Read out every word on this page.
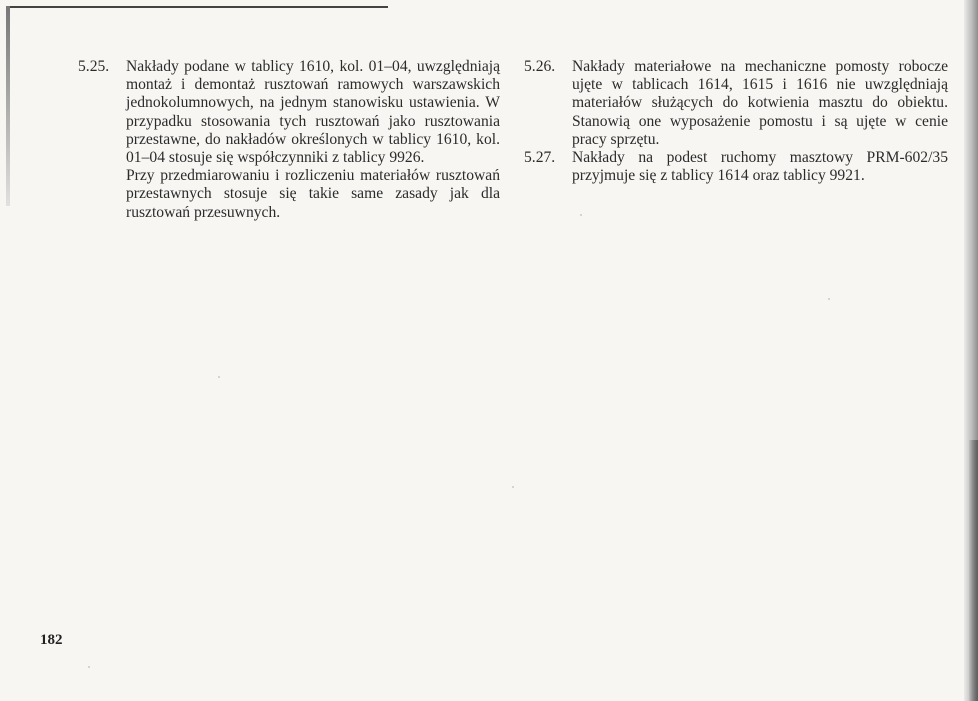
5.25.	Nakłady podane w tablicy 1610, kol. 01–04, uwzględniają montaż i demontaż rusztowań ramowych warszawskich jednokolumnowych, na jednym stanowisku ustawienia. W przypadku stosowania tych rusztowań jako rusztowania przestawne, do nakładów określonych w tablicy 1610, kol. 01–04 stosuje się współczynniki z tablicy 9926.

Przy przedmiarowaniu i rozliczeniu materiałów rusztowań przestawnych stosuje się takie same zasady jak dla rusztowań przesuwnych.

5.26.	Nakłady materiałowe na mechaniczne pomosty robocze ujęte w tablicach 1614, 1615 i 1616 nie uwzględniają materiałów służących do kotwienia masztu do obiektu. Stanowią one wyposażenie pomostu i są ujęte w cenie pracy sprzętu.

5.27.	Nakłady na podest ruchomy masztowy PRM-602/35 przyjmuje się z tablicy 1614 oraz tablicy 9921.

182
